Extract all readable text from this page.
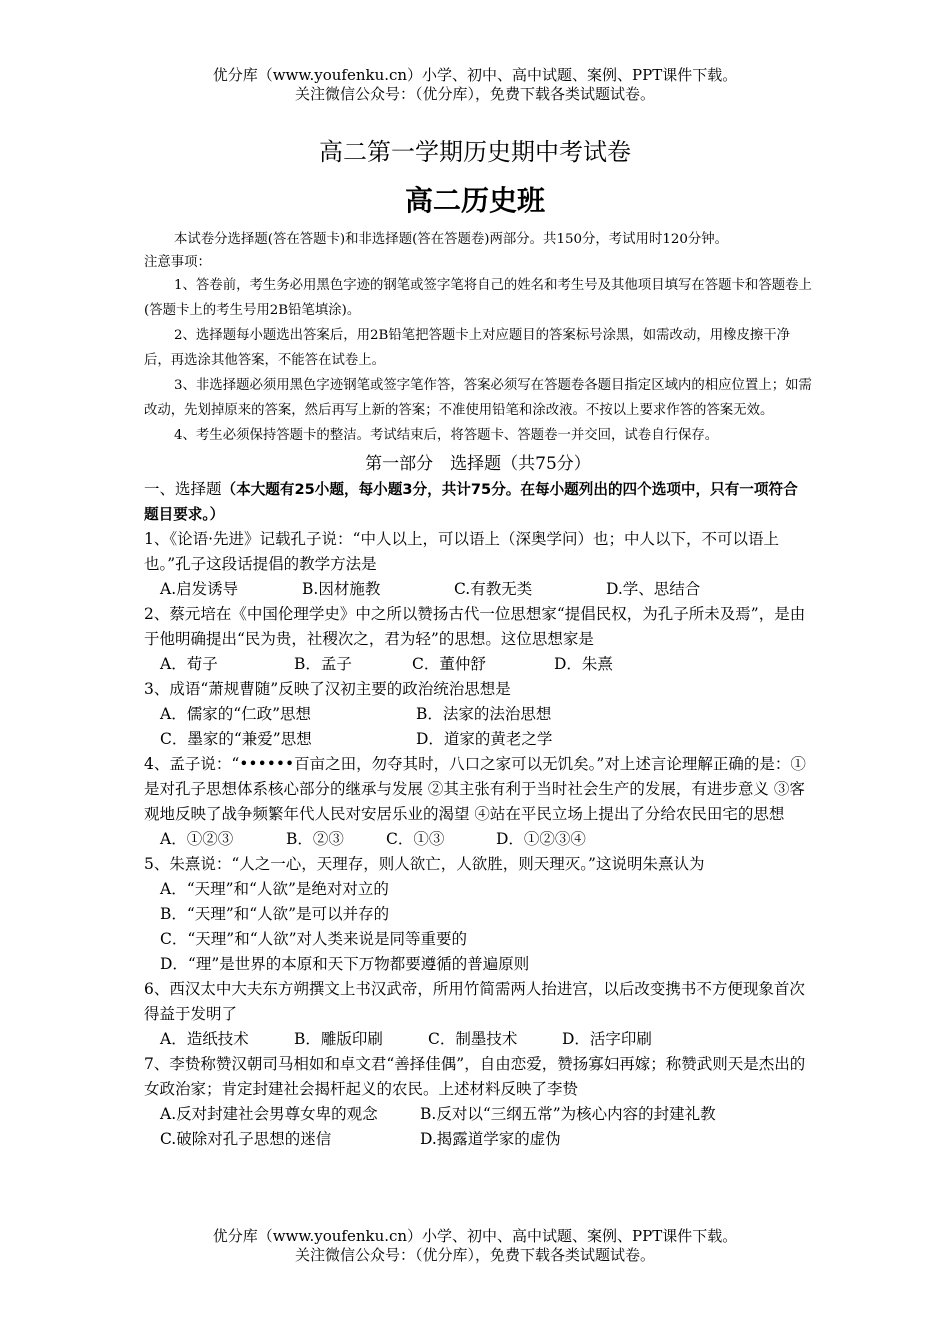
优分库（www.youfenku.cn）小学、初中、高中试题、案例、PPT课件下载。
关注微信公众号：（优分库），免费下载各类试题试卷。
高二第一学期历史期中考试卷
高二历史班

本试卷分选择题(答在答题卡)和非选择题(答在答题卷)两部分。共150分，考试用时120分钟。

注意事项：

1、答卷前，考生务必用黑色字迹的钢笔或签字笔将自己的姓名和考生号及其他项目填写在答题卡和答题卷上(答题卡上的考生号用2B铅笔填涂)。

2、选择题每小题选出答案后，用2B铅笔把答题卡上对应题目的答案标号涂黑，如需改动，用橡皮擦干净后，再选涂其他答案，不能答在试卷上。

3、非选择题必须用黑色字迹钢笔或签字笔作答，答案必须写在答题卷各题目指定区域内的相应位置上；如需改动，先划掉原来的答案，然后再写上新的答案；不准使用铅笔和涂改液。不按以上要求作答的答案无效。

4、考生必须保持答题卡的整洁。考试结束后，将答题卡、答题卷一并交回，试卷自行保存。

第一部分　选择题（共75分）

一、选择题（本大题有25小题，每小题3分，共计75分。在每小题列出的四个选项中，只有一项符合题目要求。）

1、《论语·先进》记载孔子说：“中人以上，可以语上（深奥学问）也；中人以下，不可以语上也。”孔子这段话提倡的教学方法是

A.启发诱导	B.因材施教	C.有教无类	D.学、思结合

2、蔡元培在《中国伦理学史》中之所以赞扬古代一位思想家“提倡民权，为孔子所未及焉”，是由于他明确提出“民为贵，社稷次之，君为轻”的思想。这位思想家是

A．荀子	B．孟子	C．董仲舒	D．朱熹

3、成语“萧规曹随”反映了汉初主要的政治统治思想是

A．儒家的“仁政”思想	B．法家的法治思想
C．墨家的“兼爱”思想	D．道家的黄老之学

4、孟子说：“••••••百亩之田，勿夺其时，八口之家可以无饥矣。”对上述言论理解正确的是：①是对孔子思想体系核心部分的继承与发展 ②其主张有利于当时社会生产的发展，有进步意义 ③客观地反映了战争频繁年代人民对安居乐业的渴望 ④站在平民立场上提出了分给农民田宅的思想

A．①②③	B．②③	C．①③	D．①②③④

5、朱熹说：“人之一心，天理存，则人欲亡，人欲胜，则天理灭。”这说明朱熹认为

A．“天理”和“人欲”是绝对对立的
B．“天理”和“人欲”是可以并存的
C．“天理”和“人欲”对人类来说是同等重要的
D．“理”是世界的本原和天下万物都要遵循的普遍原则

6、西汉太中大夫东方朔撰文上书汉武帝，所用竹简需两人抬进宫，以后改变携书不方便现象首次得益于发明了

A．造纸技术	B．雕版印刷	C．制墨技术	D．活字印刷

7、李贽称赞汉朝司马相如和卓文君“善择佳偶”，自由恋爱，赞扬寡妇再嫁；称赞武则天是杰出的女政治家；肯定封建社会揭杆起义的农民。上述材料反映了李贽

A.反对封建社会男尊女卑的观念	B.反对以“三纲五常”为核心内容的封建礼教
C.破除对孔子思想的迷信	D.揭露道学家的虚伪
优分库（www.youfenku.cn）小学、初中、高中试题、案例、PPT课件下载。
关注微信公众号：（优分库），免费下载各类试题试卷。
